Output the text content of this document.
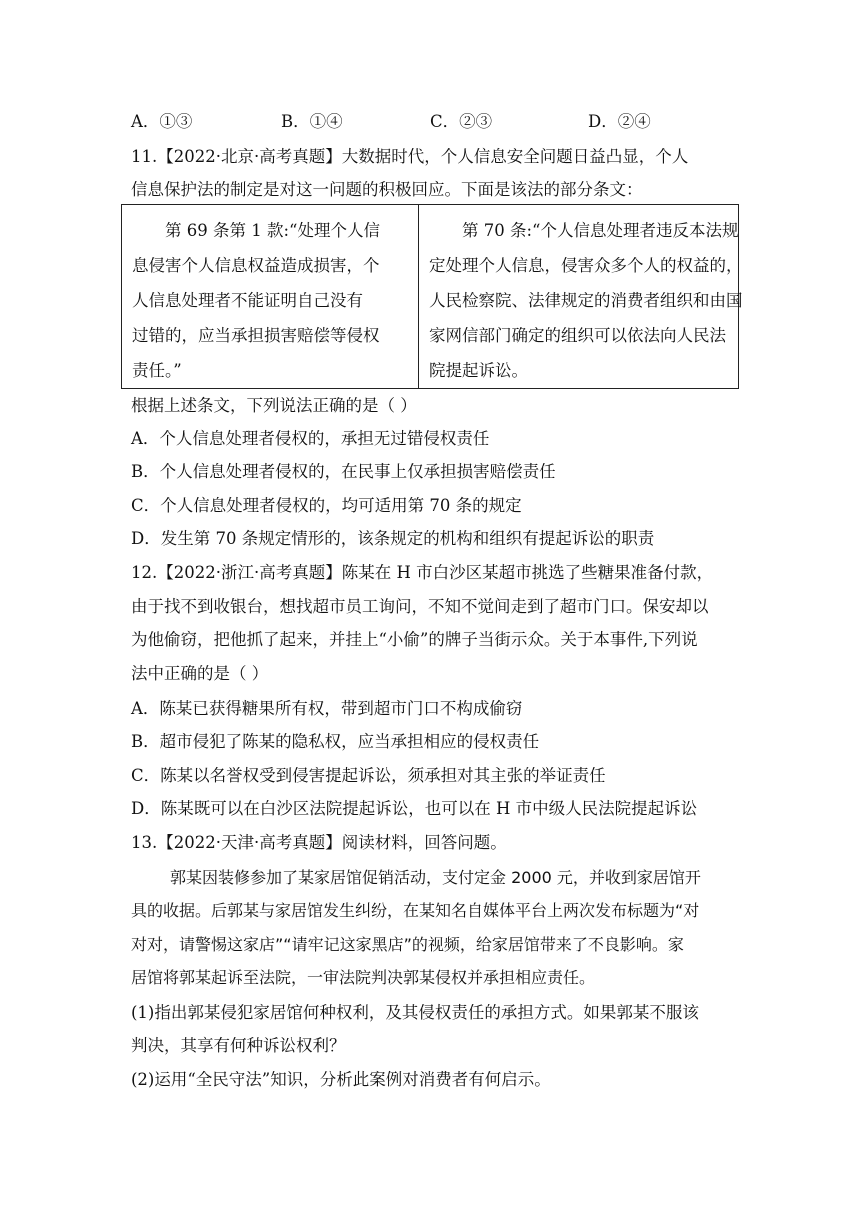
A．①③	B．①④	C．②③	D．②④
11.【2022·北京·高考真题】大数据时代，个人信息安全问题日益凸显，个人
信息保护法的制定是对这一问题的积极回应。下面是该法的部分条文：
第 69 条第 1 款:“处理个人信
息侵害个人信息权益造成损害，个
人信息处理者不能证明自己没有
过错的，应当承担损害赔偿等侵权
责任。”

第 70 条:“个人信息处理者违反本法规
定处理个人信息，侵害众多个人的权益的，
人民检察院、法律规定的消费者组织和由国
家网信部门确定的组织可以依法向人民法
院提起诉讼。
根据上述条文，下列说法正确的是（ ）
A．个人信息处理者侵权的，承担无过错侵权责任
B．个人信息处理者侵权的，在民事上仅承担损害赔偿责任
C．个人信息处理者侵权的，均可适用第 70 条的规定
D．发生第 70 条规定情形的，该条规定的机构和组织有提起诉讼的职责
12.【2022·浙江·高考真题】陈某在 H 市白沙区某超市挑选了些糖果准备付款，
由于找不到收银台，想找超市员工询问，不知不觉间走到了超市门口。保安却以
为他偷窃，把他抓了起来，并挂上“小偷”的牌子当街示众。关于本事件,下列说
法中正确的是（ ）
A．陈某已获得糖果所有权，带到超市门口不构成偷窃
B．超市侵犯了陈某的隐私权，应当承担相应的侵权责任
C．陈某以名誉权受到侵害提起诉讼，须承担对其主张的举证责任
D．陈某既可以在白沙区法院提起诉讼，也可以在 H 市中级人民法院提起诉讼
13.【2022·天津·高考真题】阅读材料，回答问题。
郭某因装修参加了某家居馆促销活动，支付定金 2000 元，并收到家居馆开
具的收据。后郭某与家居馆发生纠纷，在某知名自媒体平台上两次发布标题为“对
对对，请警惕这家店”“请牢记这家黑店”的视频，给家居馆带来了不良影响。家
居馆将郭某起诉至法院，一审法院判决郭某侵权并承担相应责任。
(1)指出郭某侵犯家居馆何种权利，及其侵权责任的承担方式。如果郭某不服该
判决，其享有何种诉讼权利？
(2)运用“全民守法”知识，分析此案例对消费者有何启示。
